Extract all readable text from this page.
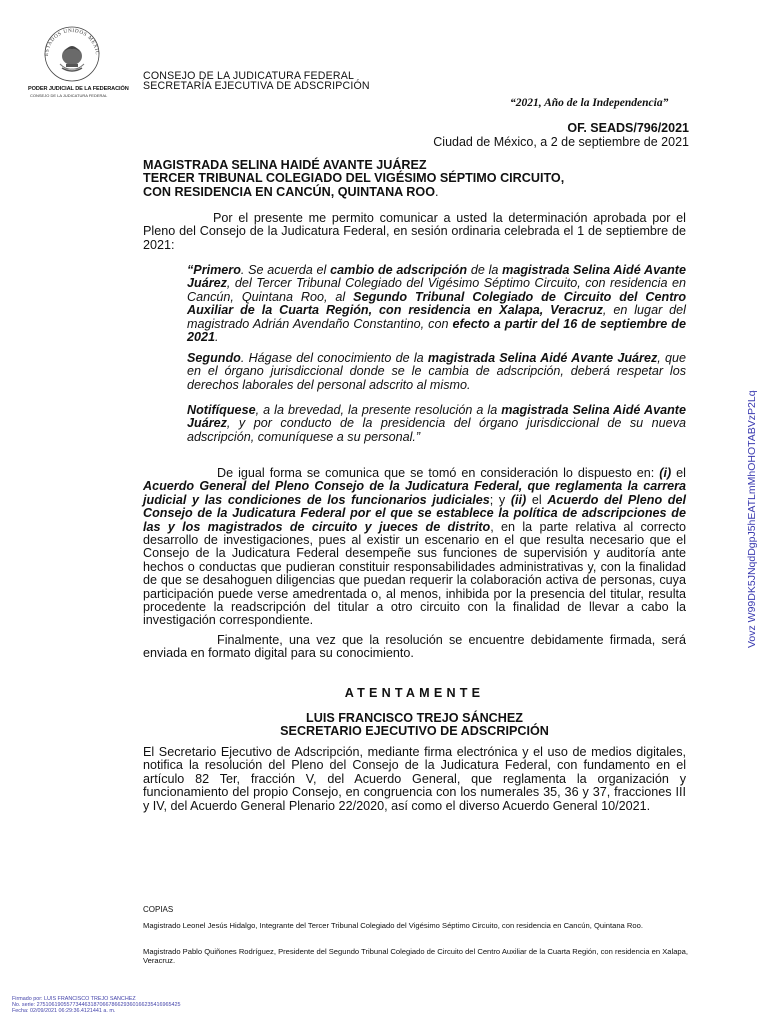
ESTADOS UNIDOS MEXIC
PODER JUDICIAL DE LA FEDERACIÓN
CONSEJO DE LA JUDICATURA FEDERAL
CONSEJO DE LA JUDICATURA FEDERAL
SECRETARÍA EJECUTIVA DE ADSCRIPCIÓN
“2021, Año de la Independencia”
OF. SEADS/796/2021
Ciudad de México, a 2 de septiembre de 2021
MAGISTRADA SELINA HAIDÉ AVANTE JUÁREZ
TERCER TRIBUNAL COLEGIADO DEL VIGÉSIMO SÉPTIMO CIRCUITO,
CON RESIDENCIA EN CANCÚN, QUINTANA ROO.
Por el presente me permito comunicar a usted la determinación aprobada por el Pleno del Consejo de la Judicatura Federal, en sesión ordinaria celebrada el 1 de septiembre de 2021:
“Primero. Se acuerda el cambio de adscripción de la magistrada Selina Aidé Avante Juárez, del Tercer Tribunal Colegiado del Vigésimo Séptimo Circuito, con residencia en Cancún, Quintana Roo, al Segundo Tribunal Colegiado de Circuito del Centro Auxiliar de la Cuarta Región, con residencia en Xalapa, Veracruz, en lugar del magistrado Adrián Avendaño Constantino, con efecto a partir del 16 de septiembre de 2021.
Segundo. Hágase del conocimiento de la magistrada Selina Aidé Avante Juárez, que en el órgano jurisdiccional donde se le cambia de adscripción, deberá respetar los derechos laborales del personal adscrito al mismo.
Notifíquese, a la brevedad, la presente resolución a la magistrada Selina Aidé Avante Juárez, y por conducto de la presidencia del órgano jurisdiccional de su nueva adscripción, comuníquese a su personal.”
De igual forma se comunica que se tomó en consideración lo dispuesto en: (i) el Acuerdo General del Pleno Consejo de la Judicatura Federal, que reglamenta la carrera judicial y las condiciones de los funcionarios judiciales; y (ii) el Acuerdo del Pleno del Consejo de la Judicatura Federal por el que se establece la política de adscripciones de las y los magistrados de circuito y jueces de distrito, en la parte relativa al correcto desarrollo de investigaciones, pues al existir un escenario en el que resulta necesario que el Consejo de la Judicatura Federal desempeñe sus funciones de supervisión y auditoría ante hechos o conductas que pudieran constituir responsabilidades administrativas y, con la finalidad de que se desahoguen diligencias que puedan requerir la colaboración activa de personas, cuya participación puede verse amedrentada o, al menos, inhibida por la presencia del titular, resulta procedente la readscripción del titular a otro circuito con la finalidad de llevar a cabo la investigación correspondiente.
Finalmente, una vez que la resolución se encuentre debidamente firmada, será enviada en formato digital para su conocimiento.
ATENTAMENTE
LUIS FRANCISCO TREJO SÁNCHEZ
SECRETARIO EJECUTIVO DE ADSCRIPCIÓN
El Secretario Ejecutivo de Adscripción, mediante firma electrónica y el uso de medios digitales, notifica la resolución del Pleno del Consejo de la Judicatura Federal, con fundamento en el artículo 82 Ter, fracción V, del Acuerdo General, que reglamenta la organización y funcionamiento del propio Consejo, en congruencia con los numerales 35, 36 y 37, fracciones III y IV, del Acuerdo General Plenario 22/2020, así como el diverso Acuerdo General 10/2021.
COPIAS
Magistrado Leonel Jesús Hidalgo, Integrante del Tercer Tribunal Colegiado del Vigésimo Séptimo Circuito, con residencia en Cancún, Quintana Roo.
Magistrado Pablo Quiñones Rodríguez, Presidente del Segundo Tribunal Colegiado de Circuito del Centro Auxiliar de la Cuarta Región, con residencia en Xalapa, Veracruz.
Firmado por: LUIS FRANCISCO TREJO SANCHEZ
No. serie: 275106190557734463187066786629360166235416965425
Fecha: 02/09/2021 06:29:36.4121441 a. m.
Vovz W99DK5JNqdDgpJ5hEATLmMhOHOTABVzP2Lq4lhA=
